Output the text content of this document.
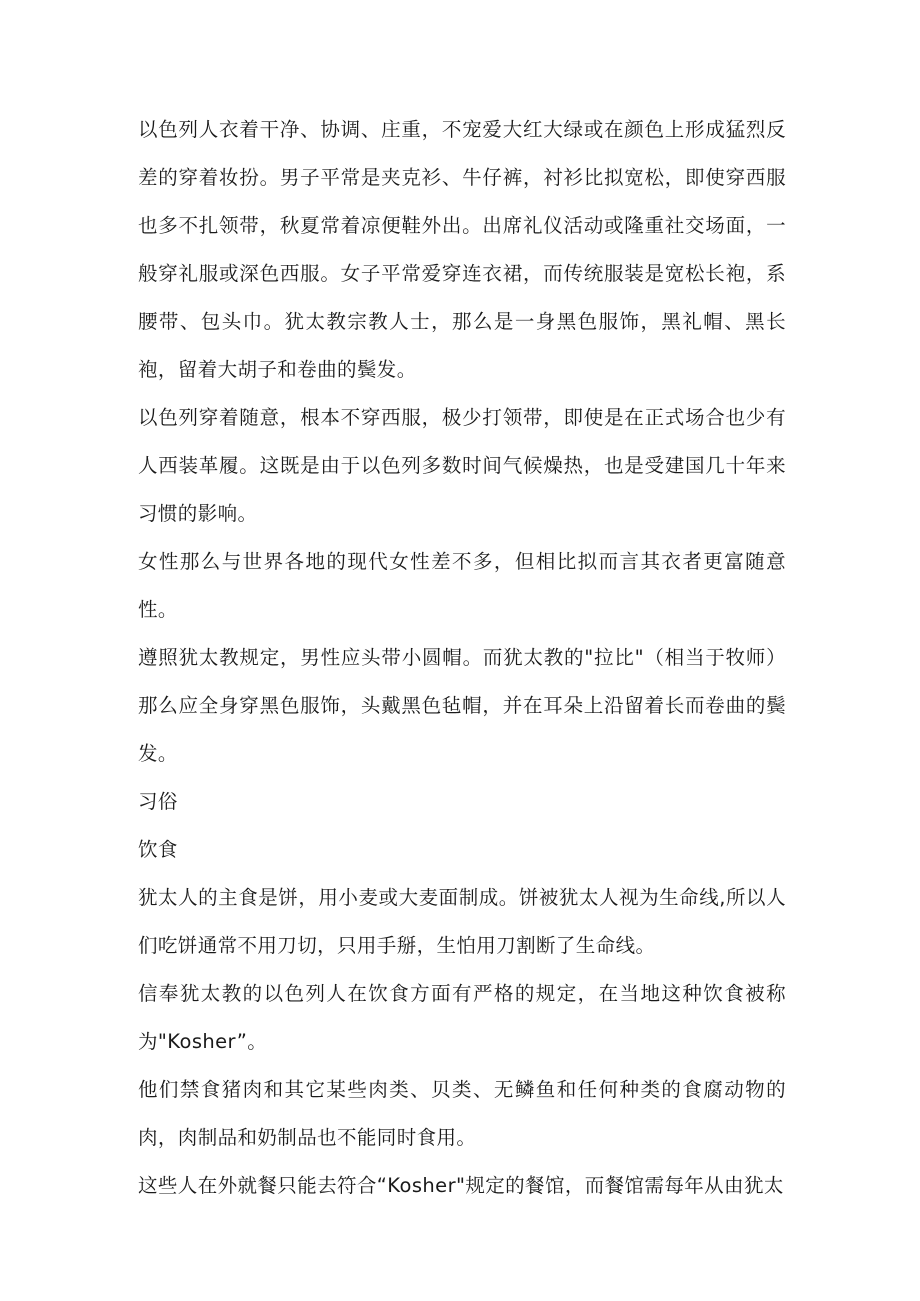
以色列人衣着干净、协调、庄重，不宠爱大红大绿或在颜色上形成猛烈反差的穿着妆扮。男子平常是夹克衫、牛仔裤，衬衫比拟宽松，即使穿西服也多不扎领带，秋夏常着凉便鞋外出。出席礼仪活动或隆重社交场面，一般穿礼服或深色西服。女子平常爱穿连衣裙，而传统服装是宽松长袍，系腰带、包头巾。犹太教宗教人士，那么是一身黑色服饰，黑礼帽、黑长袍，留着大胡子和卷曲的鬓发。

以色列穿着随意，根本不穿西服，极少打领带，即使是在正式场合也少有人西装革履。这既是由于以色列多数时间气候燥热，也是受建国几十年来习惯的影响。

女性那么与世界各地的现代女性差不多，但相比拟而言其衣者更富随意性。

遵照犹太教规定，男性应头带小圆帽。而犹太教的"拉比"（相当于牧师）那么应全身穿黑色服饰，头戴黑色毡帽，并在耳朵上沿留着长而卷曲的鬓发。

习俗

饮食

犹太人的主食是饼，用小麦或大麦面制成。饼被犹太人视为生命线,所以人们吃饼通常不用刀切，只用手掰，生怕用刀割断了生命线。

信奉犹太教的以色列人在饮食方面有严格的规定，在当地这种饮食被称为"Kosher”。

他们禁食猪肉和其它某些肉类、贝类、无鳞鱼和任何种类的食腐动物的肉，肉制品和奶制品也不能同时食用。

这些人在外就餐只能去符合“Kosher"规定的餐馆，而餐馆需每年从由犹太
